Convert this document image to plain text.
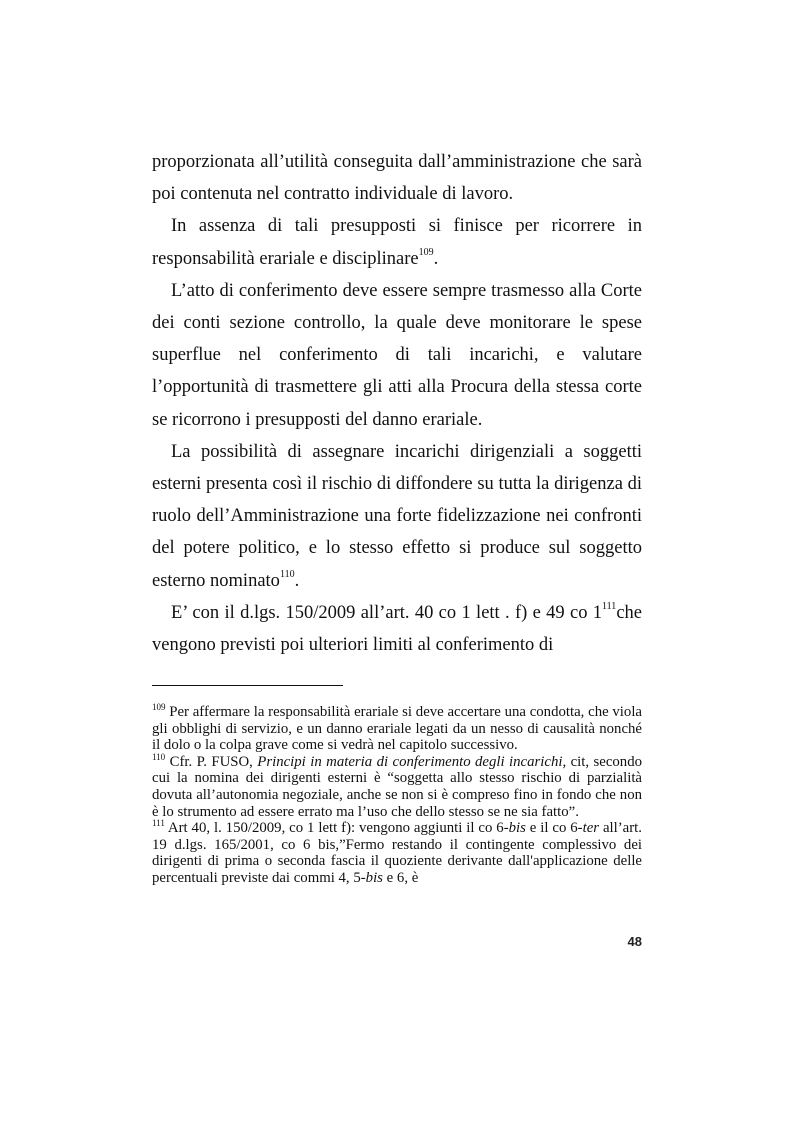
proporzionata all’utilità conseguita dall’amministrazione che sarà poi contenuta nel contratto individuale di lavoro.

In assenza di tali presupposti si finisce per ricorrere in responsabilità erariale e disciplinare$^{109}$.

L’atto di conferimento deve essere sempre trasmesso alla Corte dei conti sezione controllo, la quale deve monitorare le spese superflue nel conferimento di tali incarichi, e valutare l’opportunità di trasmettere gli atti alla Procura della stessa corte se ricorrono i presupposti del danno erariale.

La possibilità di assegnare incarichi dirigenziali a soggetti esterni presenta così il rischio di diffondere su tutta la dirigenza di ruolo dell’Amministrazione una forte fidelizzazione nei confronti del potere politico, e lo stesso effetto si produce sul soggetto esterno nominato$^{110}$.

E’ con il d.lgs. 150/2009 all’art. 40 co 1 lett . f) e 49 co $1^{111}che$ vengono previsti poi ulteriori limiti al conferimento di

$^{109}$ Per affermare la responsabilità erariale si deve accertare una condotta, che viola gli obblighi di servizio, e un danno erariale legati da un nesso di causalità nonché il dolo o la colpa grave come si vedrà nel capitolo successivo.

$^{110}$ Cfr. P. FUSO, Principi in materia di conferimento degli incarichi, cit, secondo cui la nomina dei dirigenti esterni è “soggetta allo stesso rischio di parzialità dovuta all’autonomia negoziale, anche se non si è compreso fino in fondo che non è lo strumento ad essere errato ma l’uso che dello stesso se ne sia fatto”.

$^{111}$ Art 40, l. 150/2009, co 1 lett f): vengono aggiunti il co 6-bis e il co 6-ter all’art. 19 d.lgs. 165/2001, co 6 bis,”Fermo restando il contingente complessivo dei dirigenti di prima o seconda fascia il quoziente derivante dall'applicazione delle percentuali previste dai commi 4, 5-bis e 6, è

48
